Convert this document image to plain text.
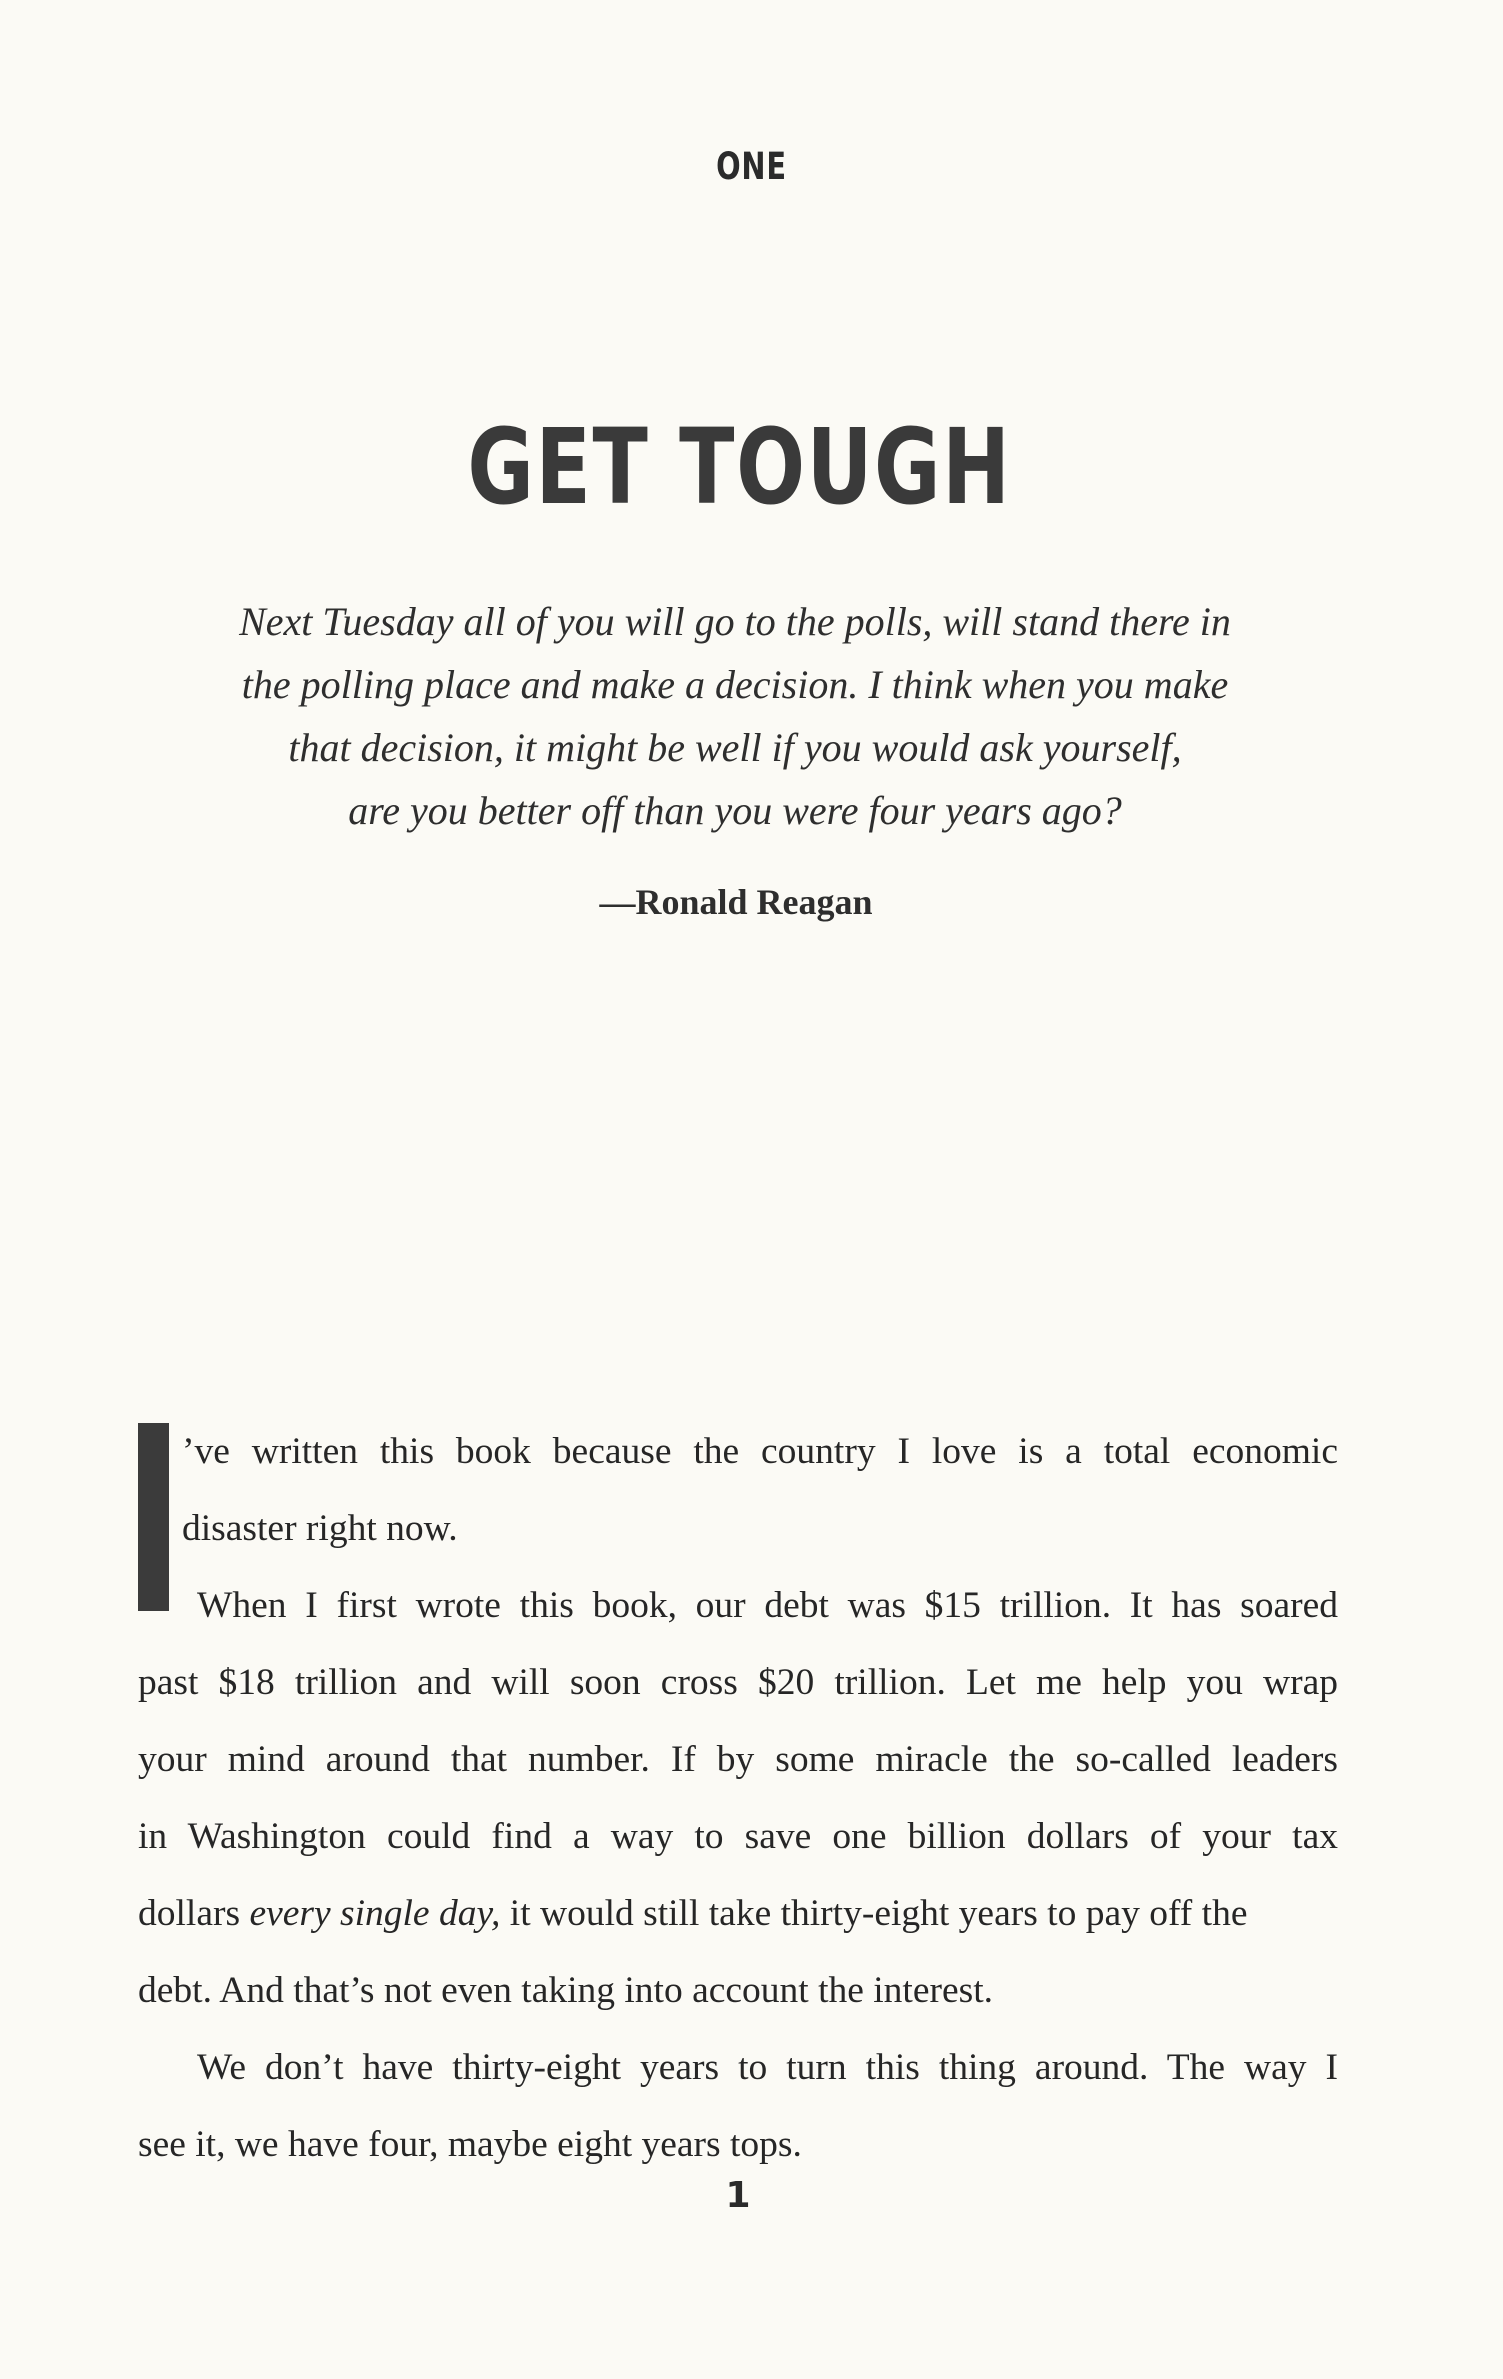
ONE
GET TOUGH
Next Tuesday all of you will go to the polls, will stand there in
the polling place and make a decision. I think when you make
that decision, it might be well if you would ask yourself,
are you better off than you were four years ago?
—Ronald Reagan
’ve written this book because the country I love is a total economic
disaster right now.
When I first wrote this book, our debt was $15 trillion. It has soared
past $18 trillion and will soon cross $20 trillion. Let me help you wrap
your mind around that number. If by some miracle the so-called leaders
in Washington could find a way to save one billion dollars of your tax
dollars every single day, it would still take thirty-eight years to pay off the
debt. And that’s not even taking into account the interest.
We don’t have thirty-eight years to turn this thing around. The way I
see it, we have four, maybe eight years tops.
1
